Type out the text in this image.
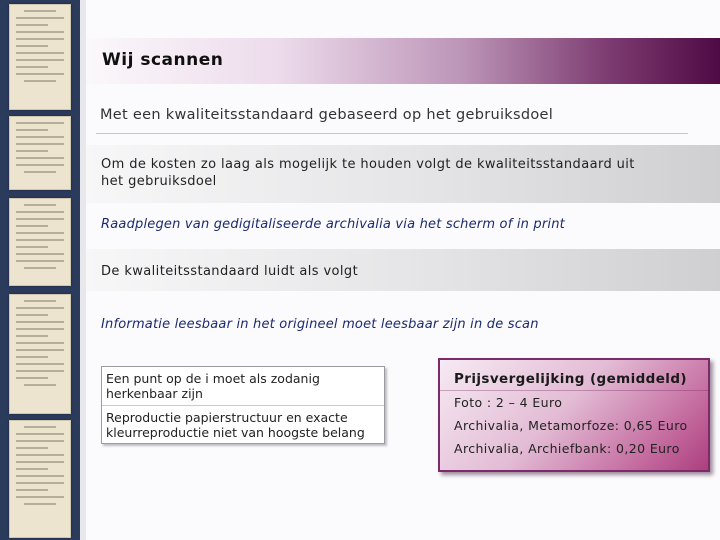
Wij scannen
Met een kwaliteitsstandaard gebaseerd op het gebruiksdoel
Om de kosten zo laag als mogelijk te houden volgt de kwaliteitsstandaard uit het gebruiksdoel
Raadplegen van gedigitaliseerde archivalia via het scherm of in print
De kwaliteitsstandaard luidt als volgt
Informatie leesbaar in het origineel moet leesbaar zijn in de scan
Een punt op de i moet als zodanig herkenbaar zijn
Reproductie papierstructuur en exacte kleurreproductie niet van hoogste belang
Prijsvergelijking (gemiddeld)
Foto : 2 – 4 Euro
Archivalia, Metamorfoze: 0,65 Euro
Archivalia, Archiefbank: 0,20 Euro
